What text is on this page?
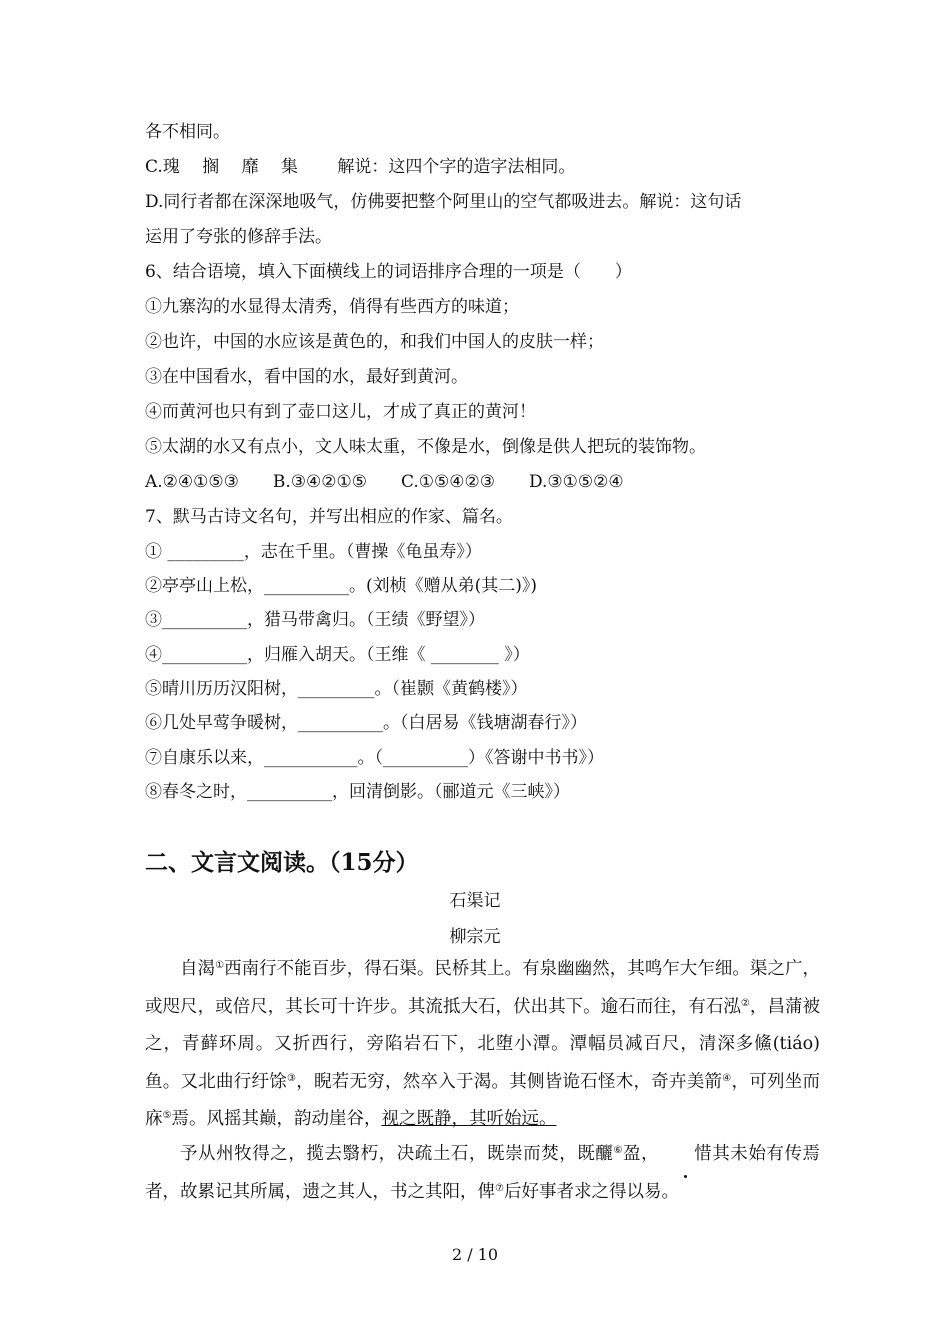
各不相同。
C.瑰　 搁　 靡　 集　　 解说：这四个字的造字法相同。
D.同行者都在深深地吸气，仿佛要把整个阿里山的空气都吸进去。解说：这句话
运用了夸张的修辞手法。
6、结合语境，填入下面横线上的词语排序合理的一项是（　　）
①九寨沟的水显得太清秀，俏得有些西方的味道；
②也许，中国的水应该是黄色的，和我们中国人的皮肤一样；
③在中国看水，看中国的水，最好到黄河。
④而黄河也只有到了壶口这儿，才成了真正的黄河！
⑤太湖的水又有点小，文人味太重，不像是水，倒像是供人把玩的装饰物。
A.②④①⑤③　　B.③④②①⑤　　C.①⑤④②③　　D.③①⑤②④
7、默马古诗文名句，并写出相应的作家、篇名。
① _________，志在千里。（曹操《龟虽寿》）
②亭亭山上松，__________。(刘桢《赠从弟(其二)》)
③__________，猎马带禽归。（王绩《野望》）
④__________，归雁入胡天。（王维《 ________ 》）
⑤晴川历历汉阳树，_________。（崔颢《黄鹤楼》）
⑥几处早莺争暖树，__________。（白居易《钱塘湖春行》）
⑦自康乐以来，___________。（__________）《答谢中书书》）
⑧春冬之时，__________，回清倒影。（郦道元《三峡》）
二、文言文阅读。（15分）
石渠记
柳宗元
自渴①西南行不能百步，得石渠。民桥其上。有泉幽幽然，其鸣乍大乍细。渠之广，或咫尺，或倍尺，其长可十许步。其流抵大石，伏出其下。逾石而往，有石泓②，昌蒲被之，青藓环周。又折西行，旁陷岩石下，北堕小潭。潭幅员减百尺，清深多鯈(tiáo)鱼。又北曲行纡馀③，睨若无穷，然卒入于渴。其侧皆诡石怪木，奇卉美箭④，可列坐而庥⑤焉。风摇其巅，韵动崖谷，视之既静，其听始远。
予从州牧得之，揽去翳朽，决疏土石，既崇而焚，既釃⑥盈， 惜其未始有传焉者，故累记其所属，遗之其人，书之其阳，俾⑦后好事者求之得以易。
2 / 10
